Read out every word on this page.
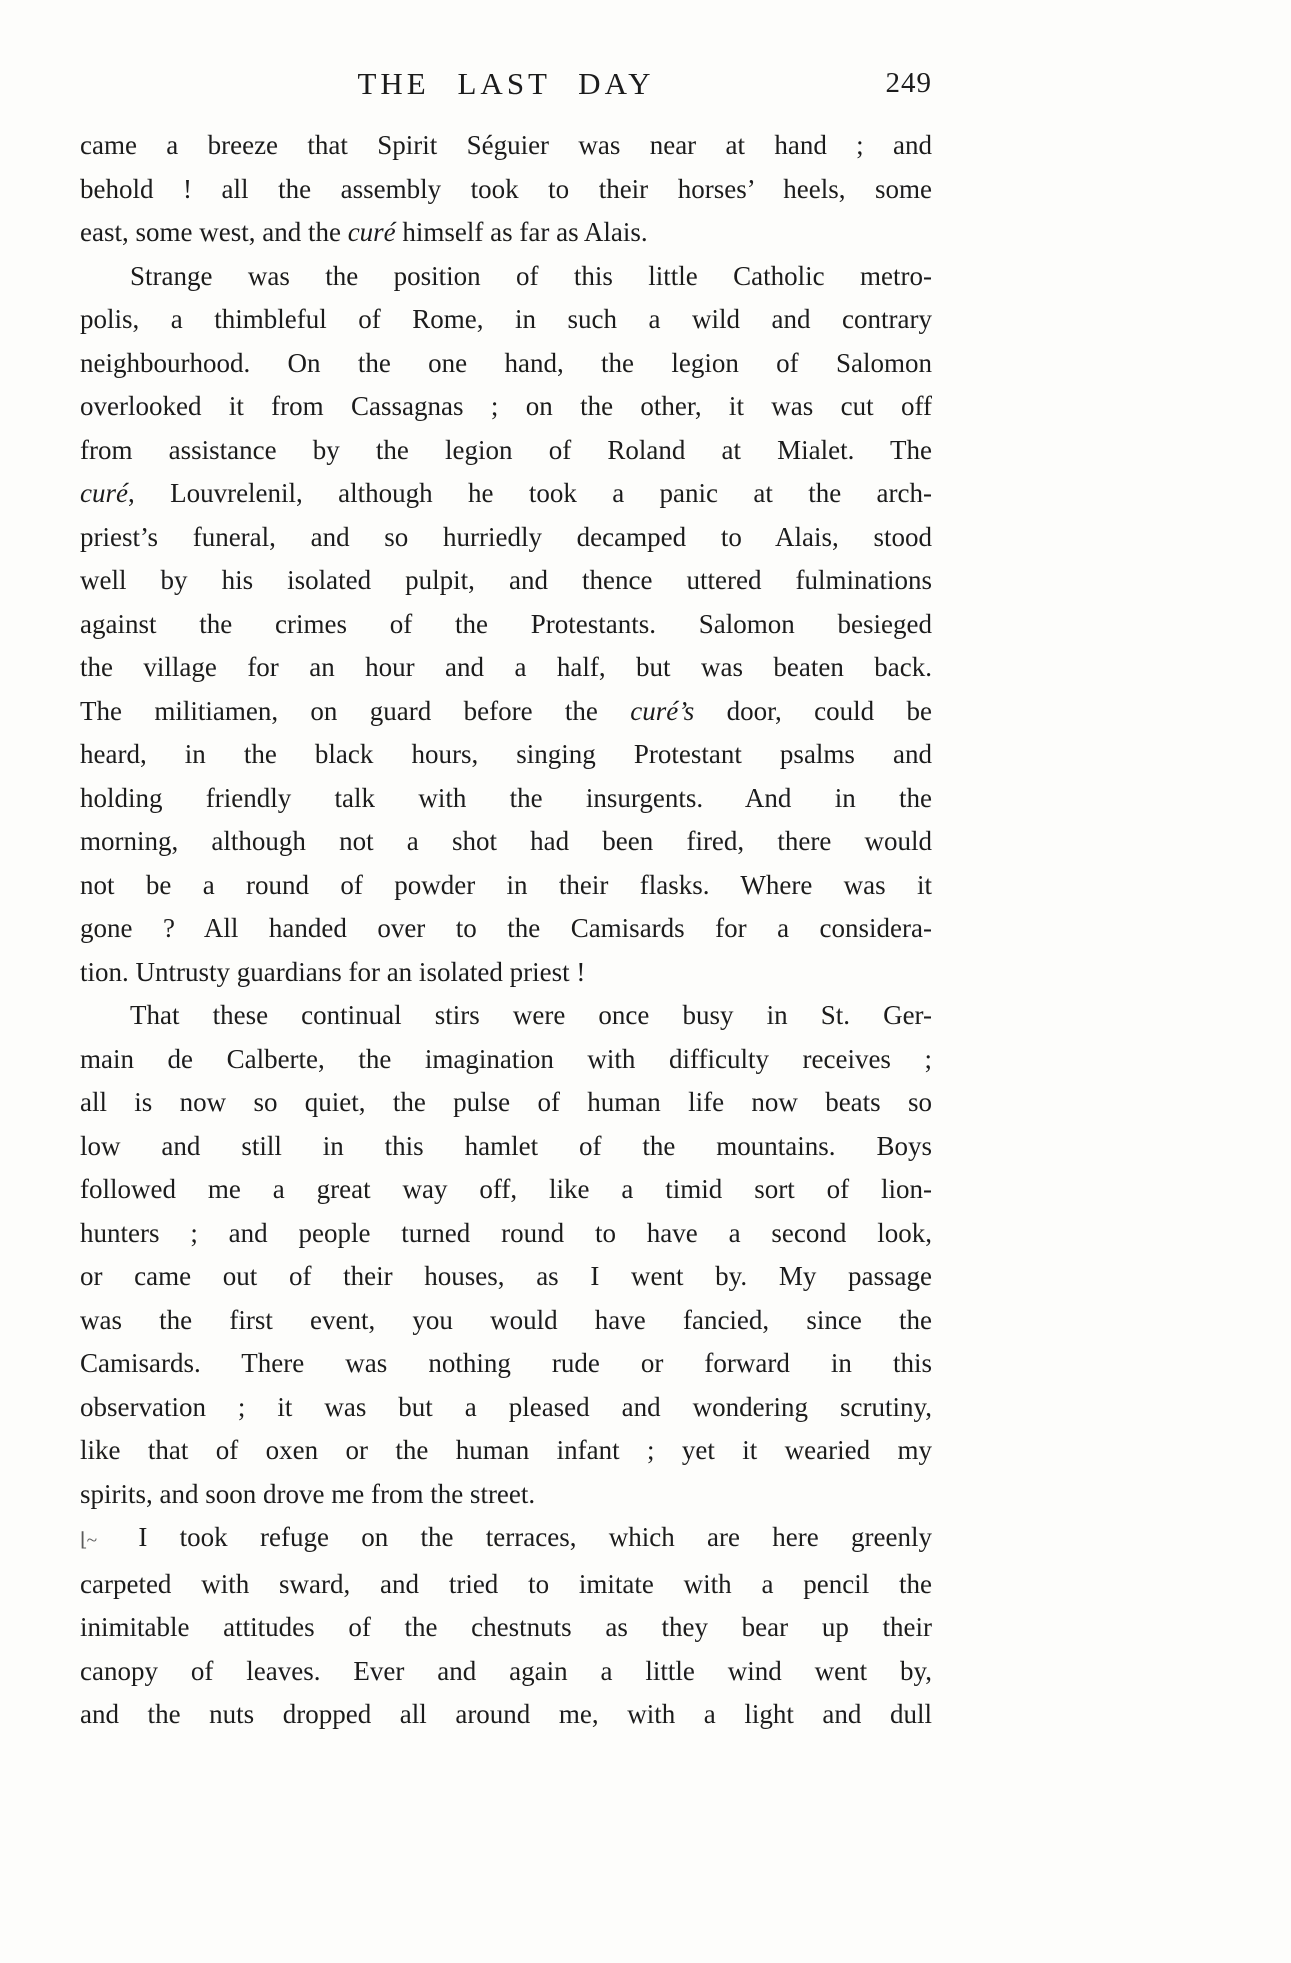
THE LAST DAY	249
came a breeze that Spirit Séguier was near at hand ; and
behold ! all the assembly took to their horses’ heels, some
east, some west, and the curé himself as far as Alais.
Strange was the position of this little Catholic metro-
polis, a thimbleful of Rome, in such a wild and contrary
neighbourhood. On the one hand, the legion of Salomon
overlooked it from Cassagnas ; on the other, it was cut off
from assistance by the legion of Roland at Mialet. The
curé, Louvrelenil, although he took a panic at the arch-
priest’s funeral, and so hurriedly decamped to Alais, stood
well by his isolated pulpit, and thence uttered fulminations
against the crimes of the Protestants. Salomon besieged
the village for an hour and a half, but was beaten back.
The militiamen, on guard before the curé’s door, could be
heard, in the black hours, singing Protestant psalms and
holding friendly talk with the insurgents. And in the
morning, although not a shot had been fired, there would
not be a round of powder in their flasks. Where was it
gone ? All handed over to the Camisards for a considera-
tion. Untrusty guardians for an isolated priest !
That these continual stirs were once busy in St. Ger-
main de Calberte, the imagination with difficulty receives ;
all is now so quiet, the pulse of human life now beats so
low and still in this hamlet of the mountains. Boys
followed me a great way off, like a timid sort of lion-
hunters ; and people turned round to have a second look,
or came out of their houses, as I went by. My passage
was the first event, you would have fancied, since the
Camisards. There was nothing rude or forward in this
observation ; it was but a pleased and wondering scrutiny,
like that of oxen or the human infant ; yet it wearied my
spirits, and soon drove me from the street.
⌊~ I took refuge on the terraces, which are here greenly
carpeted with sward, and tried to imitate with a pencil the
inimitable attitudes of the chestnuts as they bear up their
canopy of leaves. Ever and again a little wind went by,
and the nuts dropped all around me, with a light and dull
